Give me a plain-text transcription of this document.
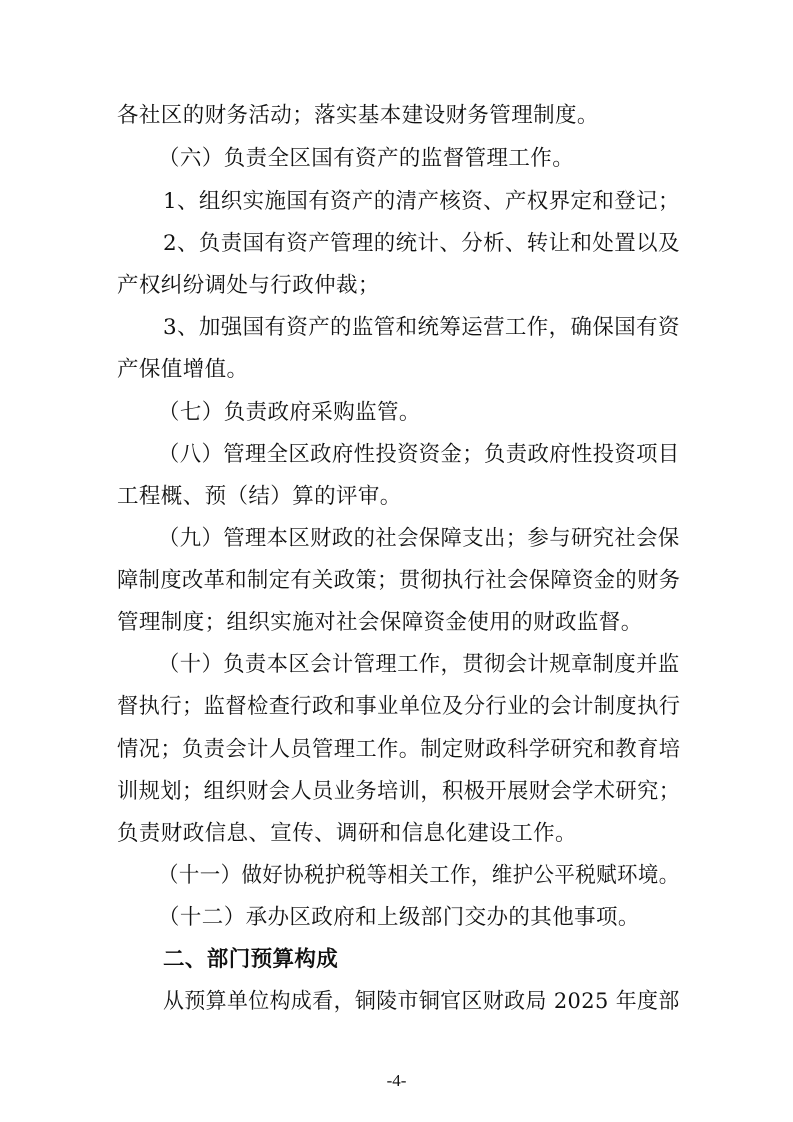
各社区的财务活动；落实基本建设财务管理制度。
（六）负责全区国有资产的监督管理工作。
1、组织实施国有资产的清产核资、产权界定和登记；
2、负责国有资产管理的统计、分析、转让和处置以及
产权纠纷调处与行政仲裁；
3、加强国有资产的监管和统筹运营工作，确保国有资
产保值增值。
（七）负责政府采购监管。
（八）管理全区政府性投资资金；负责政府性投资项目
工程概、预（结）算的评审。
（九）管理本区财政的社会保障支出；参与研究社会保
障制度改革和制定有关政策；贯彻执行社会保障资金的财务
管理制度；组织实施对社会保障资金使用的财政监督。
（十）负责本区会计管理工作，贯彻会计规章制度并监
督执行；监督检查行政和事业单位及分行业的会计制度执行
情况；负责会计人员管理工作。制定财政科学研究和教育培
训规划；组织财会人员业务培训，积极开展财会学术研究；
负责财政信息、宣传、调研和信息化建设工作。
（十一）做好协税护税等相关工作，维护公平税赋环境。
（十二）承办区政府和上级部门交办的其他事项。
二、部门预算构成
从预算单位构成看，铜陵市铜官区财政局 2025 年度部
-4-
